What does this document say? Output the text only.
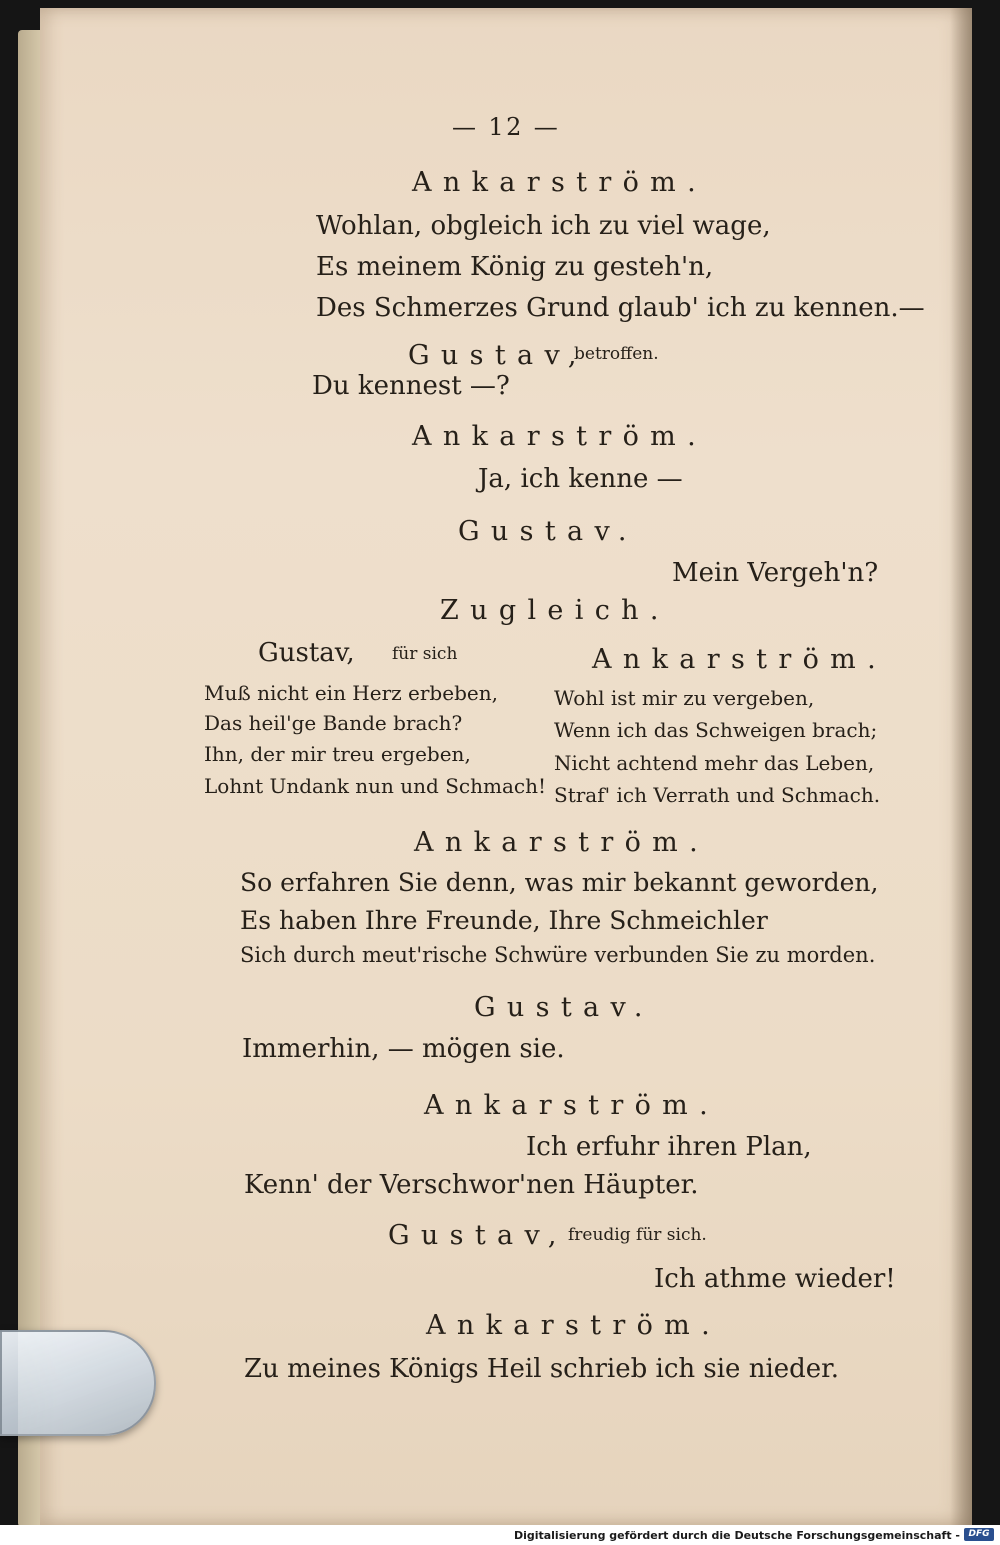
— 12 —
Ankarström.
Wohlan, obgleich ich zu viel wage,
Es meinem König zu gesteh'n,
Des Schmerzes Grund glaub' ich zu kennen.—
Gustav,
betroffen.
Du kennest —?
Ankarström.
Ja, ich kenne —
Gustav.
Mein Vergeh'n?
Zugleich.
Gustav, für sich	Ankarström.
Muß nicht ein Herz erbeben,
Das heil'ge Bande brach?
Ihn, der mir treu ergeben,
Lohnt Undank nun und Schmach!
Wohl ist mir zu vergeben,
Wenn ich das Schweigen brach;
Nicht achtend mehr das Leben,
Straf' ich Verrath und Schmach.
Ankarström.
So erfahren Sie denn, was mir bekannt geworden,
Es haben Ihre Freunde, Ihre Schmeichler
Sich durch meut'rische Schwüre verbunden Sie zu morden.
Gustav.
Immerhin, — mögen sie.
Ankarström.
Ich erfuhr ihren Plan,
Kenn' der Verschwor'nen Häupter.
Gustav, freudig für sich.
Ich athme wieder!
Ankarström.
Zu meines Königs Heil schrieb ich sie nieder.
Digitalisierung gefördert durch die Deutsche Forschungsgemeinschaft - DFG
